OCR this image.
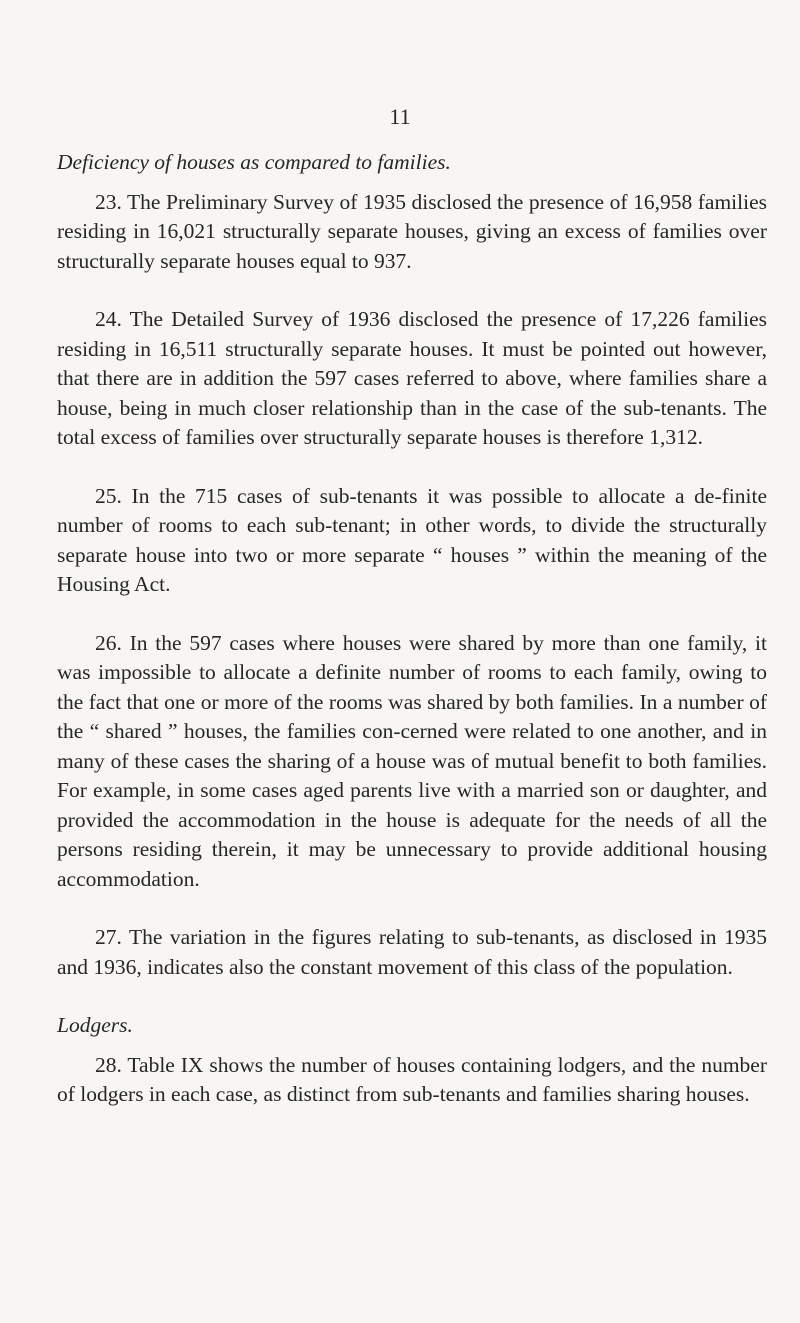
11
Deficiency of houses as compared to families.

23. The Preliminary Survey of 1935 disclosed the presence of 16,958 families residing in 16,021 structurally separate houses, giving an excess of families over structurally separate houses equal to 937.

24. The Detailed Survey of 1936 disclosed the presence of 17,226 families residing in 16,511 structurally separate houses. It must be pointed out however, that there are in addition the 597 cases referred to above, where families share a house, being in much closer relationship than in the case of the sub-tenants. The total excess of families over structurally separate houses is therefore 1,312.

25. In the 715 cases of sub-tenants it was possible to allocate a de-finite number of rooms to each sub-tenant; in other words, to divide the structurally separate house into two or more separate “ houses ” within the meaning of the Housing Act.

26. In the 597 cases where houses were shared by more than one family, it was impossible to allocate a definite number of rooms to each family, owing to the fact that one or more of the rooms was shared by both families. In a number of the “ shared ” houses, the families con-cerned were related to one another, and in many of these cases the sharing of a house was of mutual benefit to both families. For example, in some cases aged parents live with a married son or daughter, and provided the accommodation in the house is adequate for the needs of all the persons residing therein, it may be unnecessary to provide additional housing accommodation.

27. The variation in the figures relating to sub-tenants, as disclosed in 1935 and 1936, indicates also the constant movement of this class of the population.

Lodgers.

28. Table IX shows the number of houses containing lodgers, and the number of lodgers in each case, as distinct from sub-tenants and families sharing houses.
